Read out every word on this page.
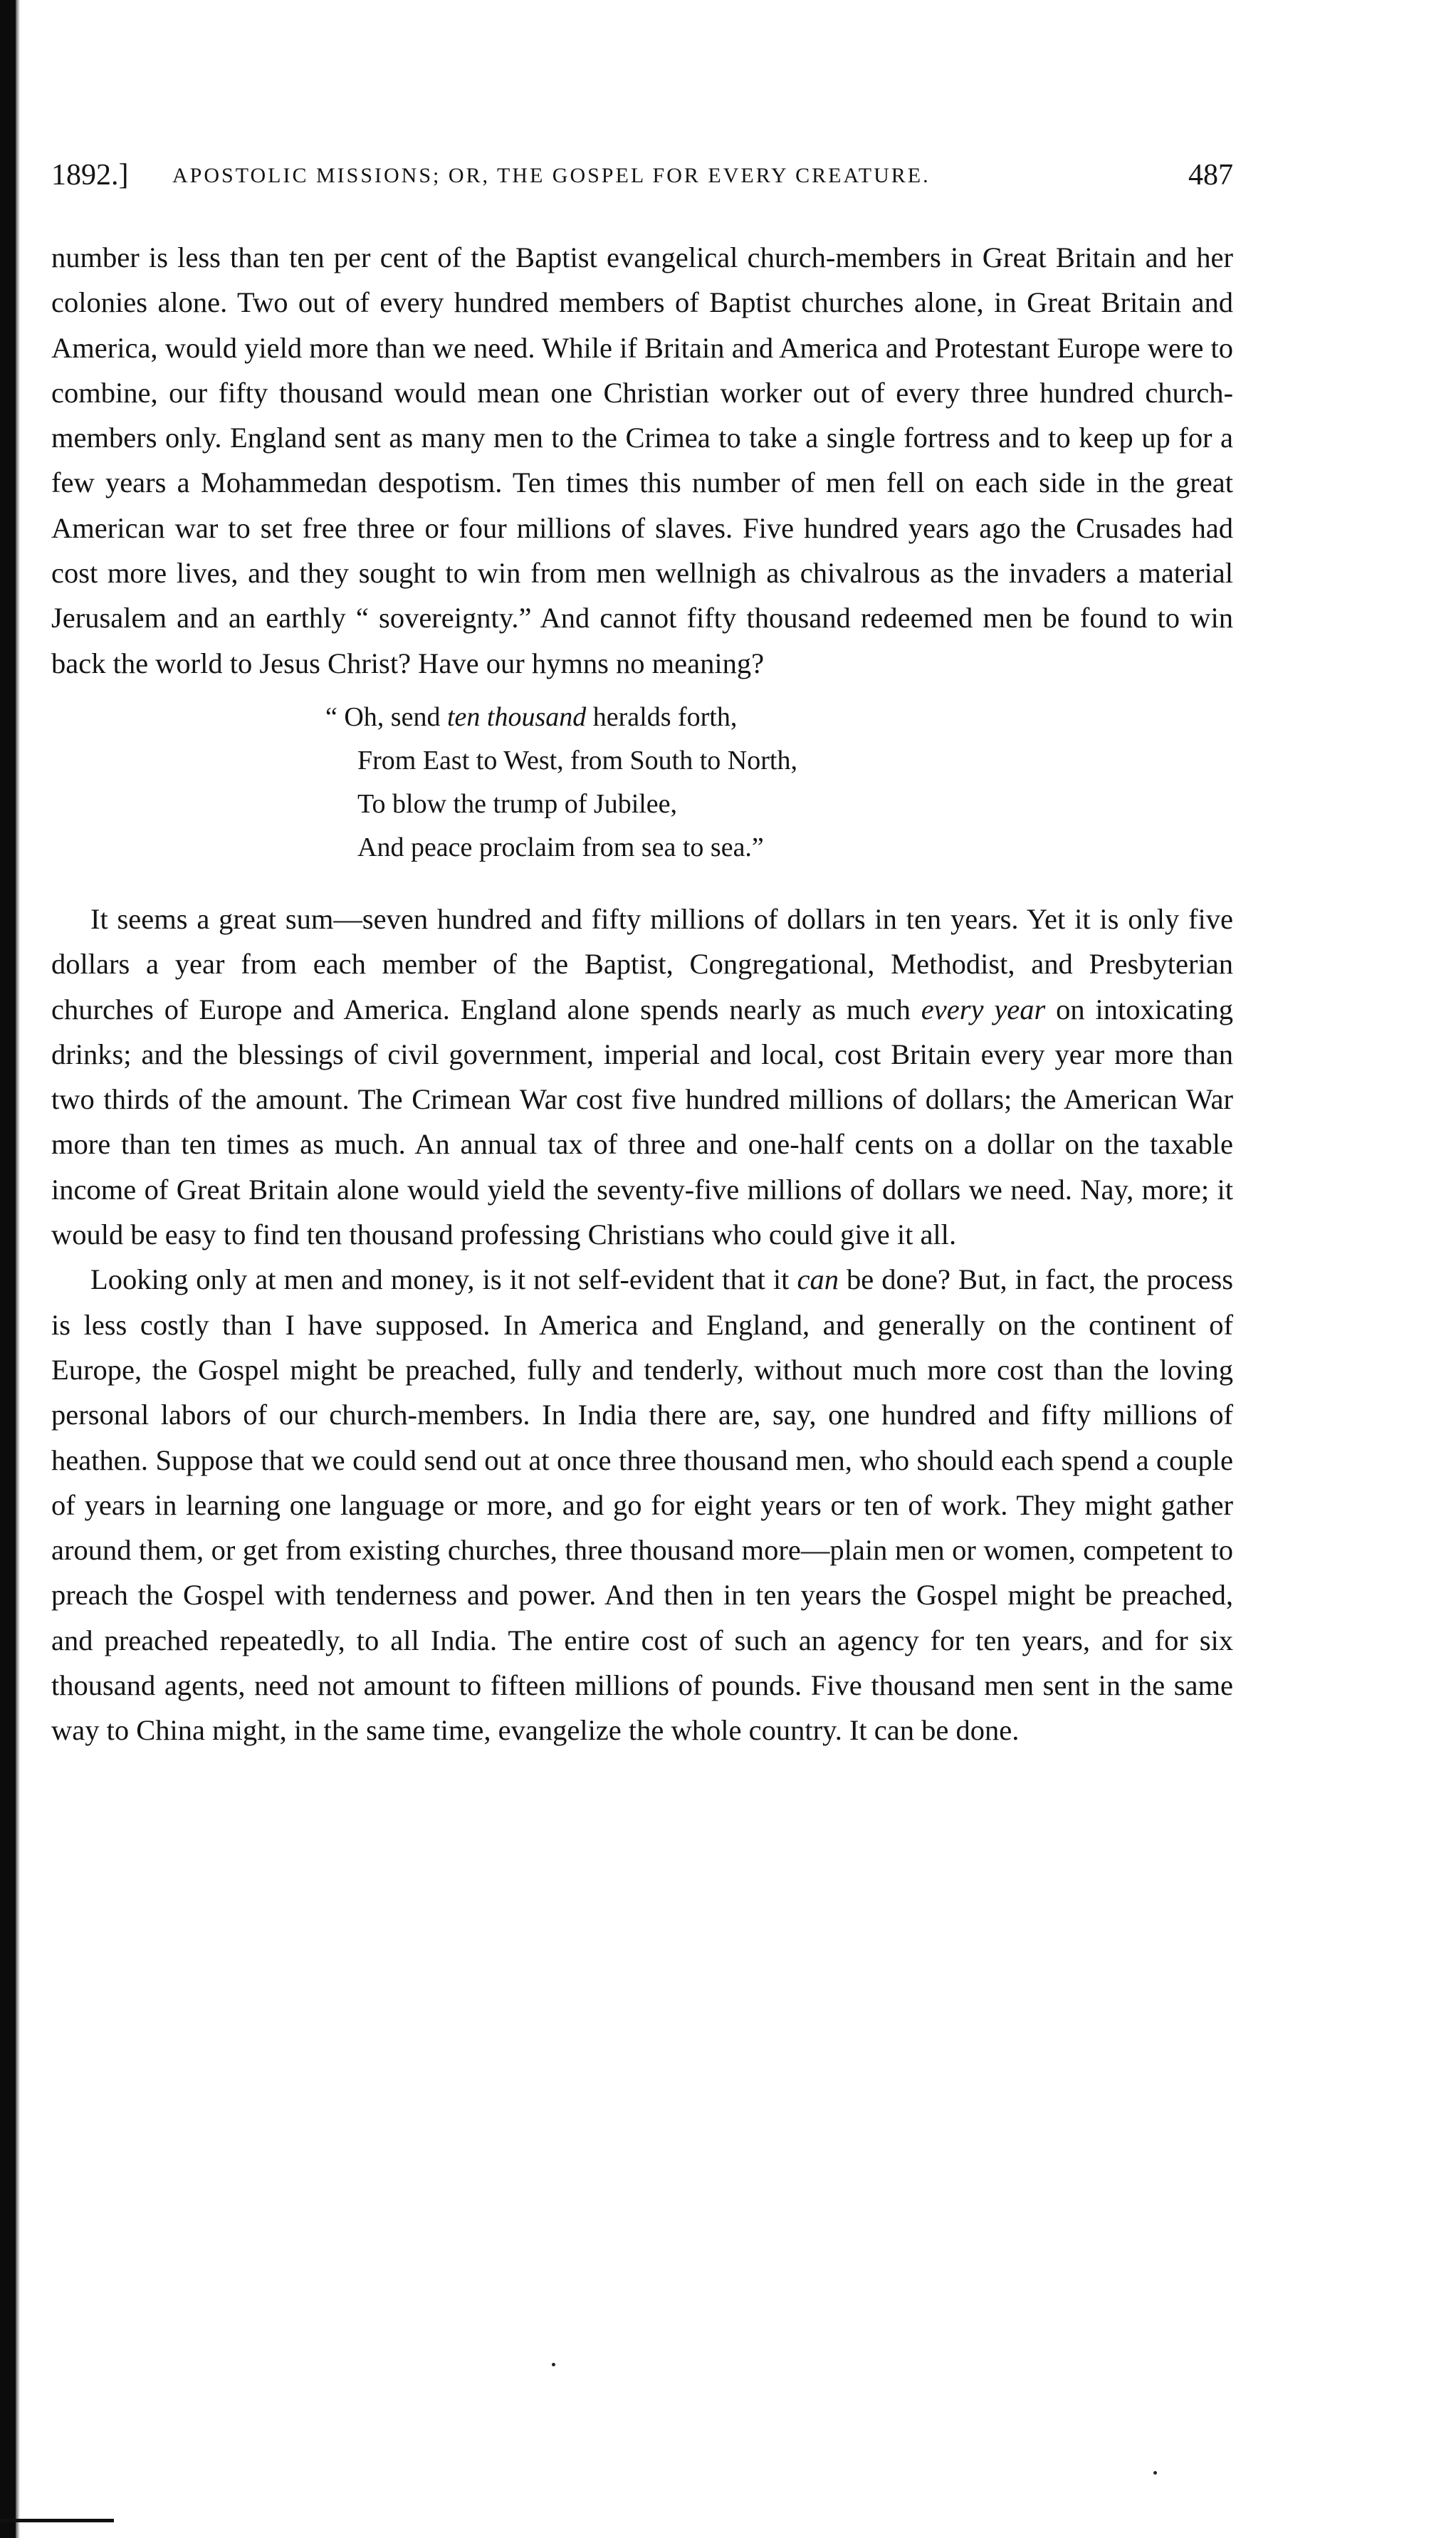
1892.] APOSTOLIC MISSIONS; OR, THE GOSPEL FOR EVERY CREATURE.	487

number is less than ten per cent of the Baptist evangelical church-members in Great Britain and her colonies alone. Two out of every hundred members of Baptist churches alone, in Great Britain and America, would yield more than we need. While if Britain and America and Protestant Europe were to combine, our fifty thousand would mean one Christian worker out of every three hundred church-members only. England sent as many men to the Crimea to take a single fortress and to keep up for a few years a Mohammedan despotism. Ten times this number of men fell on each side in the great American war to set free three or four millions of slaves. Five hundred years ago the Crusades had cost more lives, and they sought to win from men wellnigh as chivalrous as the invaders a material Jerusalem and an earthly “ sovereignty.” And cannot fifty thousand redeemed men be found to win back the world to Jesus Christ? Have our hymns no meaning?

“ Oh, send ten thousand heralds forth,
From East to West, from South to North,
To blow the trump of Jubilee,
And peace proclaim from sea to sea.”

It seems a great sum—seven hundred and fifty millions of dollars in ten years. Yet it is only five dollars a year from each member of the Baptist, Congregational, Methodist, and Presbyterian churches of Europe and America. England alone spends nearly as much every year on intoxicating drinks; and the blessings of civil government, imperial and local, cost Britain every year more than two thirds of the amount. The Crimean War cost five hundred millions of dollars; the American War more than ten times as much. An annual tax of three and one-half cents on a dollar on the taxable income of Great Britain alone would yield the seventy-five millions of dollars we need. Nay, more; it would be easy to find ten thousand professing Christians who could give it all.

Looking only at men and money, is it not self-evident that it can be done? But, in fact, the process is less costly than I have supposed. In America and England, and generally on the continent of Europe, the Gospel might be preached, fully and tenderly, without much more cost than the loving personal labors of our church-members. In India there are, say, one hundred and fifty millions of heathen. Suppose that we could send out at once three thousand men, who should each spend a couple of years in learning one language or more, and go for eight years or ten of work. They might gather around them, or get from existing churches, three thousand more—plain men or women, competent to preach the Gospel with tenderness and power. And then in ten years the Gospel might be preached, and preached repeatedly, to all India. The entire cost of such an agency for ten years, and for six thousand agents, need not amount to fifteen millions of pounds. Five thousand men sent in the same way to China might, in the same time, evangelize the whole country. It can be done.
